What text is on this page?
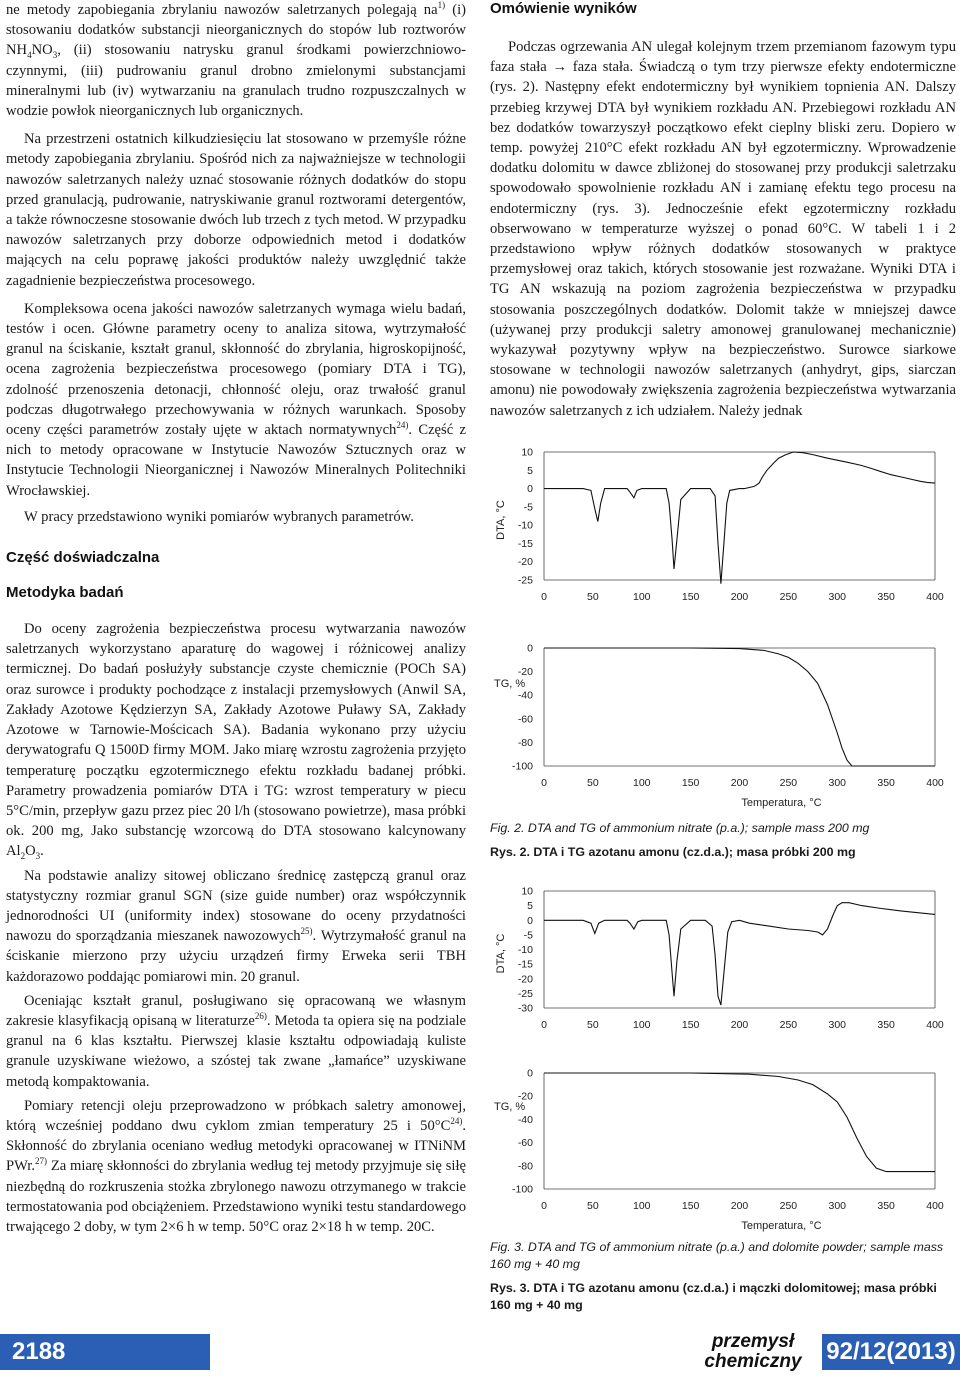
ne metody zapobiegania zbrylaniu nawozów saletrzanych polegają $na^{1)}$ (i) stosowaniu dodatków substancji nieorganicznych do stopów lub roztworów $NH_4NO_3$, (ii) stosowaniu natrysku granul środkami powierzchniowo-czynnymi, (iii) pudrowaniu granul drobno zmielonymi substancjami mineralnymi lub (iv) wytwarzaniu na granulach trudno rozpuszczalnych w wodzie powłok nieorganicznych lub organicznych.

Na przestrzeni ostatnich kilkudziesięciu lat stosowano w przemyśle różne metody zapobiegania zbrylaniu. Spośród nich za najważniejsze w technologii nawozów saletrzanych należy uznać stosowanie różnych dodatków do stopu przed granulacją, pudrowanie, natryskiwanie granul roztworami detergentów, a także równoczesne stosowanie dwóch lub trzech z tych metod. W przypadku nawozów saletrzanych przy doborze odpowiednich metod i dodatków mających na celu poprawę jakości produktów należy uwzględnić także zagadnienie bezpieczeństwa procesowego.

Kompleksowa ocena jakości nawozów saletrzanych wymaga wielu badań, testów i ocen. Główne parametry oceny to analiza sitowa, wytrzymałość granul na ściskanie, kształt granul, skłonność do zbrylania, higroskopijność, ocena zagrożenia bezpieczeństwa procesowego (pomiary DTA i TG), zdolność przenoszenia detonacji, chłonność oleju, oraz trwałość granul podczas długotrwałego przechowywania w różnych warunkach. Sposoby oceny części parametrów zostały ujęte w aktach normatywnych$^{24)}$. Część z nich to metody opracowane w Instytucie Nawozów Sztucznych oraz w Instytucie Technologii Nieorganicznej i Nawozów Mineralnych Politechniki Wrocławskiej.

W pracy przedstawiono wyniki pomiarów wybranych parametrów.

Część doświadczalna
Metodyka badań

Do oceny zagrożenia bezpieczeństwa procesu wytwarzania nawozów saletrzanych wykorzystano aparaturę do wagowej i różnicowej analizy termicznej. Do badań posłużyły substancje czyste chemicznie (POCh SA) oraz surowce i produkty pochodzące z instalacji przemysłowych (Anwil SA, Zakłady Azotowe Kędzierzyn SA, Zakłady Azotowe Puławy SA, Zakłady Azotowe w Tarnowie-Mościcach SA). Badania wykonano przy użyciu derywatografu Q 1500D firmy MOM. Jako miarę wzrostu zagrożenia przyjęto temperaturę początku egzotermicznego efektu rozkładu badanej próbki. Parametry prowadzenia pomiarów DTA i TG: wzrost temperatury w piecu 5°C/min, przepływ gazu przez piec 20 l/h (stosowano powietrze), masa próbki ok. 200 mg, Jako substancję wzorcową do DTA stosowano kalcynowany $Al_2O_3$.

Na podstawie analizy sitowej obliczano średnicę zastępczą granul oraz statystyczny rozmiar granul SGN (size guide number) oraz współczynnik jednorodności UI (uniformity index) stosowane do oceny przydatności nawozu do sporządzania mieszanek nawozowych$^{25)}$. Wytrzymałość granul na ściskanie mierzono przy użyciu urządzeń firmy Erweka serii TBH każdorazowo poddając pomiarowi min. 20 granul.

Oceniając kształt granul, posługiwano się opracowaną we własnym zakresie klasyfikacją opisaną w literaturze$^{26)}$. Metoda ta opiera się na podziale granul na 6 klas kształtu. Pierwszej klasie kształtu odpowiadają kuliste granule uzyskiwane wieżowo, a szóstej tak zwane „łamańce” uzyskiwane metodą kompaktowania.

Pomiary retencji oleju przeprowadzono w próbkach saletry amonowej, którą wcześniej poddano dwu cyklom zmian temperatury 25 i $50^\circ C^{24)}$. Skłonność do zbrylania oceniano według metodyki opracowanej w ITNiNM PWr.$^{27)}$ Za miarę skłonności do zbrylania według tej metody przyjmuje się siłę niezbędną do rozkruszenia stożka zbrylonego nawozu otrzymanego w trakcie termostatowania pod obciążeniem. Przedstawiono wyniki testu standardowego trwającego 2 doby, w tym 2×6 h w temp. 50°C oraz 2×18 h w temp. 20C.

Omówienie wyników

Podczas ogrzewania AN ulegał kolejnym trzem przemianom fazowym typu faza stała → faza stała. Świadczą o tym trzy pierwsze efekty endotermiczne (rys. 2). Następny efekt endotermiczny był wynikiem topnienia AN. Dalszy przebieg krzywej DTA był wynikiem rozkładu AN. Przebiegowi rozkładu AN bez dodatków towarzyszył początkowo efekt cieplny bliski zeru. Dopiero w temp. powyżej 210°C efekt rozkładu AN był egzotermiczny. Wprowadzenie dodatku dolomitu w dawce zbliżonej do stosowanej przy produkcji saletrzaku spowodowało spowolnienie rozkładu AN i zamianę efektu tego procesu na endotermiczny (rys. 3). Jednocześnie efekt egzotermiczny rozkładu obserwowano w temperaturze wyższej o ponad 60°C. W tabeli 1 i 2 przedstawiono wpływ różnych dodatków stosowanych w praktyce przemysłowej oraz takich, których stosowanie jest rozważane. Wyniki DTA i TG AN wskazują na poziom zagrożenia bezpieczeństwa w przypadku stosowania poszczególnych dodatków. Dolomit także w mniejszej dawce (używanej przy produkcji saletry amonowej granulowanej mechanicznie) wykazywał pozytywny wpływ na bezpieczeństwo. Surowce siarkowe stosowane w technologii nawozów saletrzanych (anhydryt, gips, siarczan amonu) nie powodowały zwiększenia zagrożenia bezpieczeństwa wytwarzania nawozów saletrzanych z ich udziałem. Należy jednak

10
5
0
-5
-10
-15
-20
-25
0	50	100	150	200	250	300	350	400
DTA, °C
0
-20
-40
-60
-80
-100
0	50	100	150	200	250	300	350	400
TG, %
Temperatura, °C

Fig. 2. DTA and TG of ammonium nitrate (p.a.); sample mass 200 mg

Rys. 2. DTA i TG azotanu amonu (cz.d.a.); masa próbki 200 mg

10
5
0
-5
-10
-15
-20
-25
-30
0	50	100	150	200	250	300	350	400
DTA, °C
0
-20
-40
-60
-80
-100
0	50	100	150	200	250	300	350	400
TG, %
Temperatura, °C

Fig. 3. DTA and TG of ammonium nitrate (p.a.) and dolomite powder; sample mass 160 mg + 40 mg

Rys. 3. DTA i TG azotanu amonu (cz.d.a.) i mączki dolomitowej; masa próbki 160 mg + 40 mg

2188	przemysł
chemiczny 92/12(2013)
